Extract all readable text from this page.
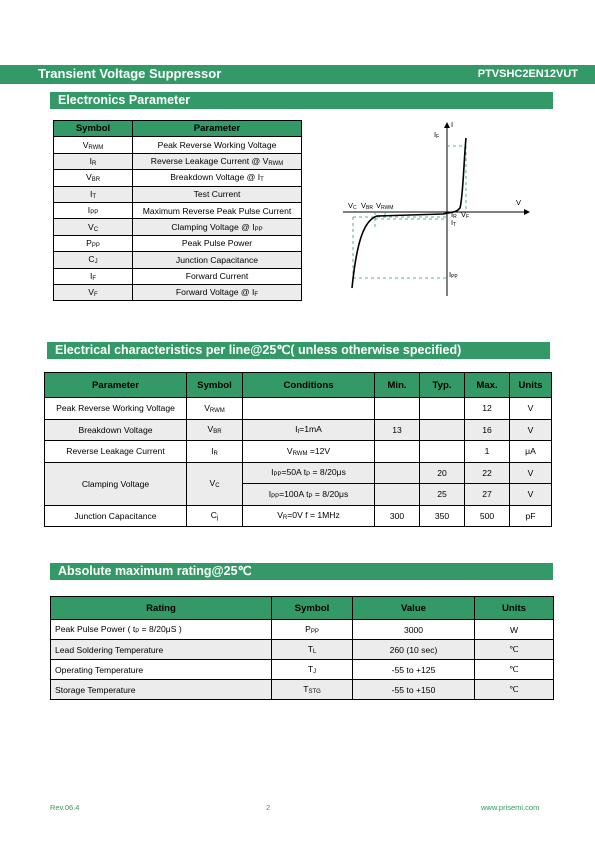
Transient Voltage Suppressor	PTVSHC2EN12VUT
Electronics Parameter
Symbol	Parameter
$V_{RWM}$	Peak Reverse Working Voltage
$I_R$	Reverse Leakage Current @ $V_{RWM}$
$V_{BR}$	Breakdown Voltage @ $I_T$
$I_T$	Test Current
$I_{PP}$	Maximum Reverse Peak Pulse Current
$V_C$	Clamping Voltage @ $I_{PP}$
$P_{PP}$	Peak Pulse Power
$C_J$	Junction Capacitance
$I_F$	Forward Current
$V_F$	Forward Voltage @ $I_F$
I
$I_F$
V
$V_C$ $V_{BR}$ $V_{RWM}$
$I_R$ $V_F$
$I_T$
$I_{PP}$
Electrical characteristics per line@25℃( unless otherwise specified)
Parameter	Symbol	Conditions	Min.	Typ.	Max.	Units
Peak Reverse Working Voltage	$V_{RWM}$				12	V
Breakdown Voltage	$V_{BR}$	$I_t=1mA$	13		16	V
Reverse Leakage Current	$I_R$	$V_{RWM} =12V$			1	μA
Clamping Voltage	$V_C$	$I_{PP}=50A$ $t_P = 8/20\mu s$		20	22	V
		$I_{PP}=100A$ $t_P = 8/20\mu s$		25	27	V
Junction Capacitance	$C_j$	$V_R=0V$ f = 1MHz	300	350	500	pF
Absolute maximum rating@25℃
Rating	Symbol	Value	Units
Peak Pulse Power ( $t_P = 8/20\mu S$ )	$P_{PP}$	3000	W
Lead Soldering Temperature	$T_L$	260 (10 sec)	℃
Operating Temperature	$T_J$	-55 to +125	℃
Storage Temperature	$T_{STG}$	-55 to +150	℃
Rev.06.4	2	www.prisemi.com
